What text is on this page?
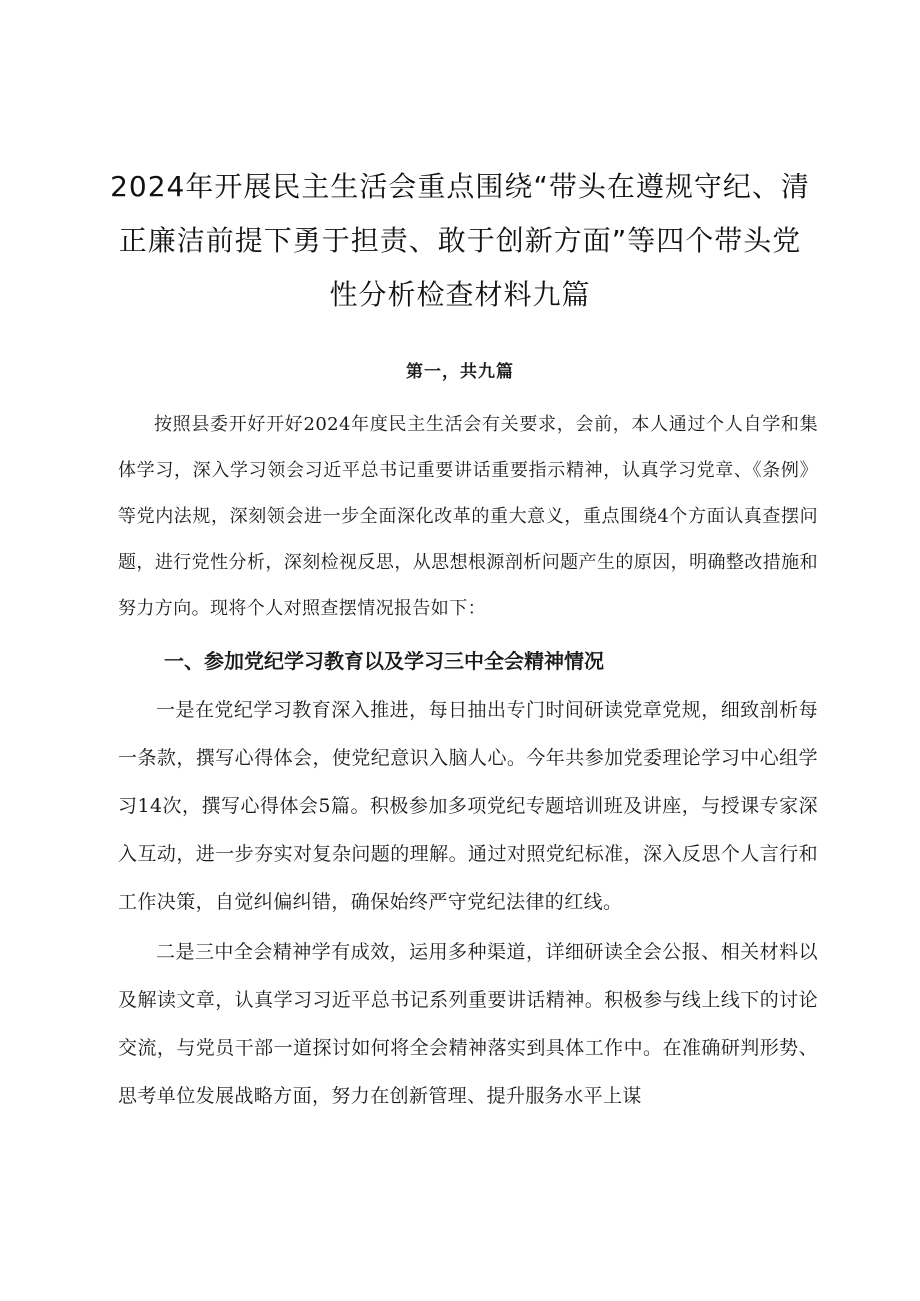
2024年开展民主生活会重点围绕“带头在遵规守纪、清正廉洁前提下勇于担责、敢于创新方面”等四个带头党性分析检查材料九篇
第一，共九篇

按照县委开好开好2024年度民主生活会有关要求，会前，本人通过个人自学和集体学习，深入学习领会习近平总书记重要讲话重要指示精神，认真学习党章、《条例》等党内法规，深刻领会进一步全面深化改革的重大意义，重点围绕4个方面认真查摆问题，进行党性分析，深刻检视反思，从思想根源剖析问题产生的原因，明确整改措施和努力方向。现将个人对照查摆情况报告如下：

一、参加党纪学习教育以及学习三中全会精神情况

一是在党纪学习教育深入推进，每日抽出专门时间研读党章党规，细致剖析每一条款，撰写心得体会，使党纪意识入脑人心。今年共参加党委理论学习中心组学习14次，撰写心得体会5篇。积极参加多项党纪专题培训班及讲座，与授课专家深入互动，进一步夯实对复杂问题的理解。通过对照党纪标准，深入反思个人言行和工作决策，自觉纠偏纠错，确保始终严守党纪法律的红线。

二是三中全会精神学有成效，运用多种渠道，详细研读全会公报、相关材料以及解读文章，认真学习习近平总书记系列重要讲话精神。积极参与线上线下的讨论交流，与党员干部一道探讨如何将全会精神落实到具体工作中。在准确研判形势、思考单位发展战略方面，努力在创新管理、提升服务水平上谋
